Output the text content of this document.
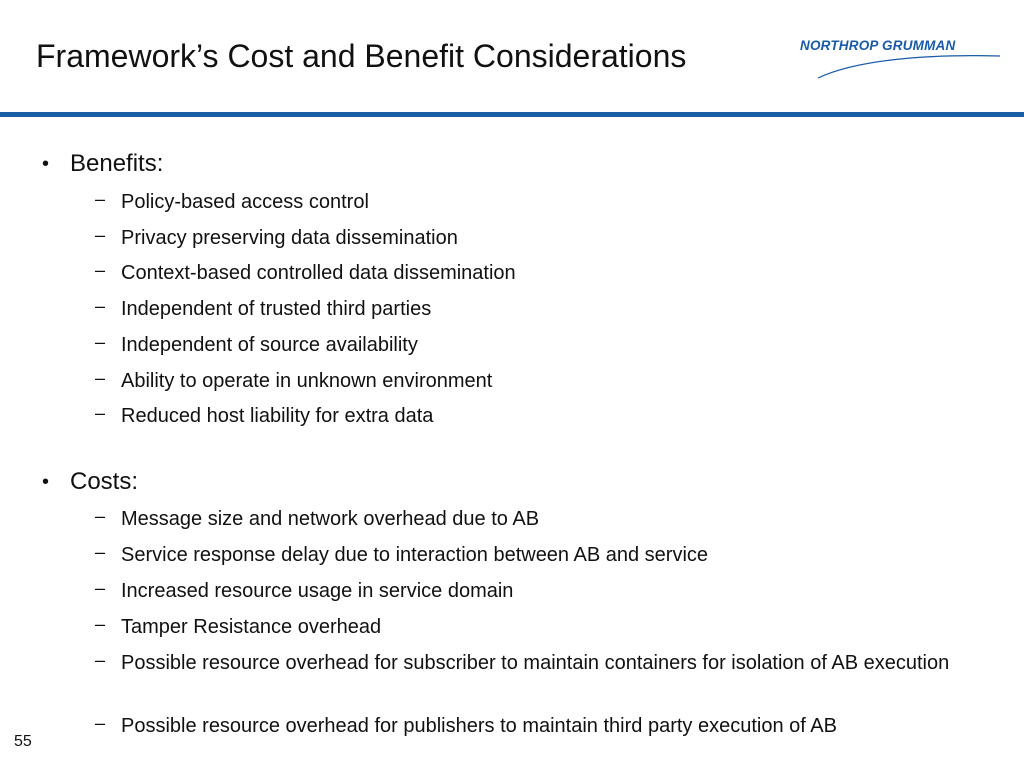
Framework’s Cost and Benefit Considerations	NORTHROP GRUMMAN
• Benefits:
– Policy-based access control
– Privacy preserving data dissemination
– Context-based controlled data dissemination
– Independent of trusted third parties
– Independent of source availability
– Ability to operate in unknown environment
– Reduced host liability for extra data
• Costs:
– Message size and network overhead due to AB
– Service response delay due to interaction between AB and service
– Increased resource usage in service domain
– Tamper Resistance overhead
– Possible resource overhead for subscriber to maintain containers for isolation of AB execution
– Possible resource overhead for publishers to maintain third party execution of AB
55
